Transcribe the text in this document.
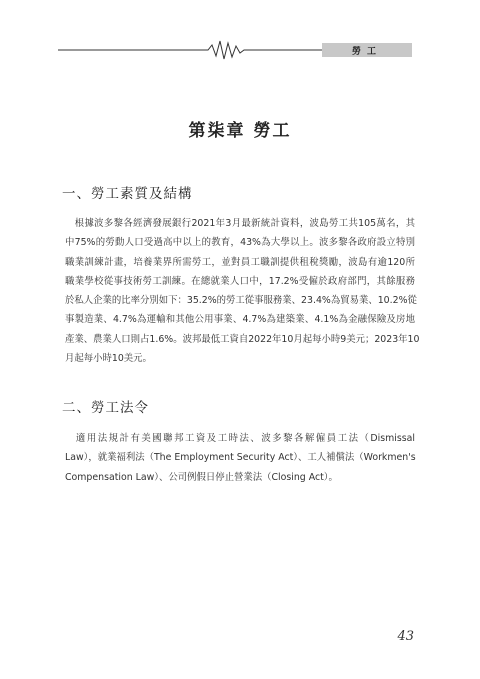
勞工
第柒章 勞工
一、勞工素質及結構
　根據波多黎各經濟發展銀行2021年3月最新統計資料，波島勞工共105萬名，其
中75%的勞動人口受過高中以上的教育，43%為大學以上。波多黎各政府設立特別
職業訓練計畫，培養業界所需勞工，並對員工職訓提供租稅獎勵，波島有逾120所
職業學校從事技術勞工訓練。在總就業人口中，17.2%受僱於政府部門，其餘服務
於私人企業的比率分別如下：35.2%的勞工從事服務業、23.4%為貿易業、10.2%從
事製造業、4.7%為運輸和其他公用事業、4.7%為建築業、4.1%為金融保險及房地
產業、農業人口則占1.6%。波邦最低工資自2022年10月起每小時9美元；2023年10
月起每小時10美元。
二、勞工法令
　適用法規計有美國聯邦工資及工時法、波多黎各解僱員工法（Dismissal
Law），就業福利法（The Employment Security Act）、工人補償法（Workmen's
Compensation Law）、公司例假日停止營業法（Closing Act）。
43
